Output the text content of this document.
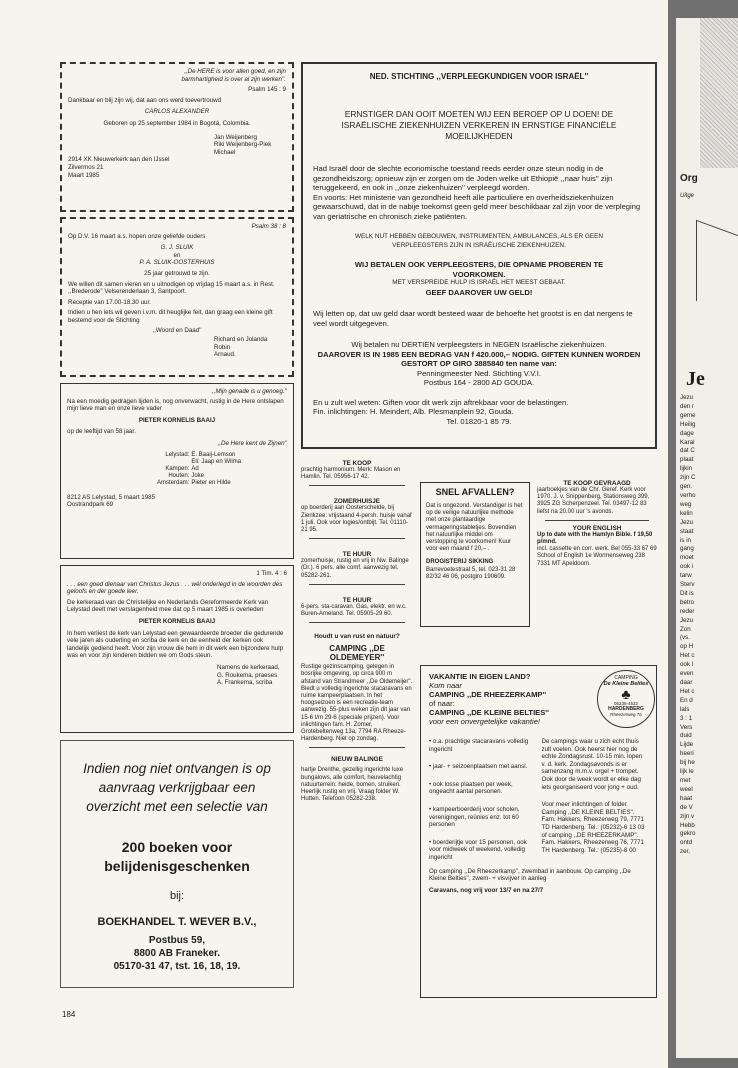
,,De HERE is voor allen goed, en zijn barmhartigheid is over al zijn werken''.

Psalm 145 : 9

Dankbaar en blij zijn wij, dat aan ons werd toevertrouwd

CARLOS ALEXANDER

Geboren op 25 september 1984 in Bogotá, Colombia.

Jan Weijenberg

Riki Weijenberg-Piek

Michael

2914 XK Nieuwerkerk aan den IJssel

Zilvermos 21

Maart 1985

Psalm 38 : 8

Op D.V. 16 maart a.s. hopen onze geliefde ouders

G. J. SLUIK

en

P. A. SLUIK-OOSTERHUIS

25 jaar getrouwd te zijn.

We willen dit samen vieren en u uitnodigen op vrijdag 15 maart a.s. in Rest. ,,Brederode'' Velserenderlaan 3, Santpoort.

Receptie van 17.00-18.30 uur.

Indien u hen iets wil geven i.v.m. dit heuglijke feit, dan graag een kleine gift bestemd voor de Stichting

,,Woord en Daad''

Richard en Jolanda

Robin

Arnaud.

,,Mijn genade is u genoeg.''

Na een moedig gedragen lijden is, nog onverwacht, rustig in de Here ontslapen mijn lieve man en onze lieve vader

PIETER KORNELIS BAAIJ

op de leeftijd van 58 jaar.

,,De Here kent de Zijnen''

Lelystad: E. Baaij-Lemson
Eli: Jaap en Wilma
Kampen: Ad
Houten: Joke
Amsterdam: Pieter en Hilde

8212 AS Lelystad, 5 maart 1985

Oostrandpark 69

1 Tim. 4 : 6

. . . een goed dienaar van Christus Jezus . . . wél onderlegd in de woorden des geloofs en der goede leer.

De kerkeraad van de Christelijke en Nederlands Gereformeerde Kerk van Lelystad deelt met verslagenheid mee dat op 5 maart 1985 is overleden

PIETER KORNELIS BAAIJ

In hem verliest de kerk van Lelystad een gewaardeerde broeder die gedurende vele jaren als ouderling en scriba de kerk en de eenheid der kerken ook landelijk gediend heeft. Voor zijn vrouw die hem in dit werk een bijzondere hulp was en voor zijn kinderen bidden we om Gods steun.

Namens de kerkeraad,

G. Roukema, praeses

A. Frankema, scriba

Indien nog niet ontvangen is op aanvraag verkrijgbaar een overzicht met een selectie van

200 boeken voor belijdenisgeschenken

bij:

BOEKHANDEL T. WEVER B.V.,

Postbus 59,

8800 AB Franeker.

05170-31 47, tst. 16, 18, 19.

NED. STICHTING ,,VERPLEEGKUNDIGEN VOOR ISRAËL''

ERNSTIGER DAN OOIT MOETEN WIJ EEN BEROEP OP U DOEN! DE ISRAËLISCHE ZIEKENHUIZEN VERKEREN IN ERNSTIGE FINANCIËLE MOEILIJKHEDEN

Had Israël door de slechte economische toestand reeds eerder onze steun nodig in de gezondheidszorg; opnieuw zijn er zorgen om de Joden welke uit Ethiopië ,,naar huis'' zijn teruggekeerd, en ook in ,,onze ziekenhuizen'' verpleegd worden.

En voorts: Het ministerie van gezondheid heeft alle particuliere en overheidsziekenhuizen gewaarschuwd, dat in de nabije toekomst geen geld meer beschikbaar zal zijn voor de verpleging van geriatrische en chronisch zieke patiënten.

WELK NUT HEBBEN GEBOUWEN, INSTRUMENTEN, AMBULANCES, ALS ER GEEN VERPLEEGSTERS ZIJN IN ISRAËLISCHE ZIEKENHUIZEN.

WIJ BETALEN OOK VERPLEEGSTERS, DIE OPNAME PROBEREN TE VOORKOMEN.

MET VERSPREIDE HULP IS ISRAËL HET MEEST GEBAAT.

GEEF DAAROVER UW GELD!

Wij letten op, dat uw geld daar wordt besteed waar de behoefte het grootst is en dat nergens te veel wordt uitgegeven.

Wij betalen nu DERTIEN verpleegsters in NEGEN Israëlische ziekenhuizen.

DAAROVER IS IN 1985 EEN BEDRAG VAN f 420.000,– NODIG. GIFTEN KUNNEN WORDEN GESTORT OP GIRO 3885840 ten name van:

Penningmeester Ned. Stichting V.V.I.

Postbus 164 - 2800 AD GOUDA.

En u zult wel weten: Giften voor dit werk zijn aftrekbaar voor de belastingen.

Fin. inlichtingen: H. Meindert, Alb. Plesmanplein 92, Gouda.

Tel. 01820-1 85 79.

TE KOOP

prachtig harmonium. Merk: Mason en Hamlin. Tel. 05956-17 42.

ZOMERHUISJE

op boerderij aan Oosterschelde, bij Zierikzee: vrijstaand 4-persh. huisje vanaf 1 juli. Ook voor logies/ontbijt. Tel. 01110-21 95.

TE HUUR

zomerhuisje, rustig en vrij in Nw. Balinge (Dr.). 6 pers. alle comf. aanwezig tel. 05282-261.

TE HUUR

6-pers. sta-caravan. Gas, elektr. en w.c. Buren-Ameland. Tel. 05905-29 60.

Houdt u van rust en natuur?

CAMPING ,,DE OLDEMEYER''

Rustige gezinscamping, gelegen in bosrijke omgeving, op circa 900 m afstand van Strandmeer ,,De Oldemeijer''. Biedt u volledig ingerichte stacaravans en ruime kampeerplaatsen. In het hoogseizoen is een recreatie-team aanwezig. 55-plus weken zijn dit jaar van 15-6 t/m 29-6 (speciale prijzen). Voor inlichtingen fam. H. Zomer, Grotebeltenweg 13a, 7794 RA Rheeze-Hardenberg. Niet op zondag.

NIEUW BALINGE

hartje Drenthe, gezellig ingerichte luxe bungalows, alle comfort, heuvelachtig natuurterrein: heide, bomen, struiken. Heerlijk rustig en vrij. Vraag folder W. Hutten. Telefoon 05282-238.

SNEL AFVALLEN?

Dat is ongezond. Verstandiger is het op de veilige natuurlijke methode met onze plantaardige vermageringstabletjes. Bovendien het natuurlijke middel om verstopping te voorkomen! Kuur voor een maand f 20,– .

DROGISTERIJ SIKKING

Barrevoetestraat 5, tel. 023-31 28 82/32 46 06, postgiro 190609.

TE KOOP GEVRAAGD

jaarboekjes van de Chr. Geref. Kerk voor 1970. J. v. Snippenberg, Stationsweg 399, 3925 ZG Scherpenzeel. Tel. 03497-12 83 liefst na 20.00 uur 's avonds.

YOUR ENGLISH

Up to date with the Hamlyn Bible. f 19,50 p/mnd.

incl. cassette en corr. werk. Bel 055-33 67 69 School of English 1e Wormenseweg 238 7331 MT Apeldoorn.

VAKANTIE IN EIGEN LAND?

Kom naar

CAMPING ,,DE RHEEZERKAMP''

of naar:

CAMPING ,,DE KLEINE BELTIES''

voor een onvergetelijke vakantie!

CAMPING
De Kleine Belties
♣
05235-4532
HARDENBERG
Rheezerweg 76

• o.a. prachtige stacaravans volledig ingericht

• jaar- + seizoenplaatsen met aansl.

• ook losse plaatsen per week, ongeacht aantal personen.

• kampeerboerderij voor scholen, verenigingen, reünies enz. tot 60 personen

• boerderijtje voor 15 personen, ook voor midweek of weekend, volledig ingericht

De campings waar u zich echt thuis zult voelen. Ook heerst hier nog de echte Zondagsrust. 10-15 min. lopen v. d. kerk. Zondagsavonds is er samenzang m.m.v. orgel + trompet. Ook door de week wordt er elke dag iets georganiseerd voor jong + oud.

Voor meer inlichtingen of folder Camping ,,DE KLEINE BELTIES''. Fam. Hakkers, Rheezerweg 79, 7771 TD Hardenberg. Tel.: (05232)-6 13 03 of camping ,,DE RHEEZERKAMP''. Fam. Hakkers, Rheezerweg 76, 7771 TH Hardenberg. Tel.: (05235)-8 00

Op camping ,,De Rheezerkamp'', zwembad in aanbouw. Op camping ,,De Kleine Belties'', zwem- + visvijver in aanleg

Caravans, nog vrij voor 13/7 en na 27/7

184
Org
Uitge
Je
Jezu
den r
geme
Heilig
dage
Karal
dat C
plaat
lijkin
zijn C
gen.
verho
weg
kelin
Jezu
staat
is in
gang
moet
ook i
tarw
Sterv
Dit is
betro
reder
Jezu
Zon
(vs.
op H
Het c
ook l
even
daar
Het c
En d
lals
3 : 1
Vers
duid
Lijde
heeri
bij he
lijk le
met
weel
haat
de V
zijn v
Hebb
gekro
ontd
zer,
